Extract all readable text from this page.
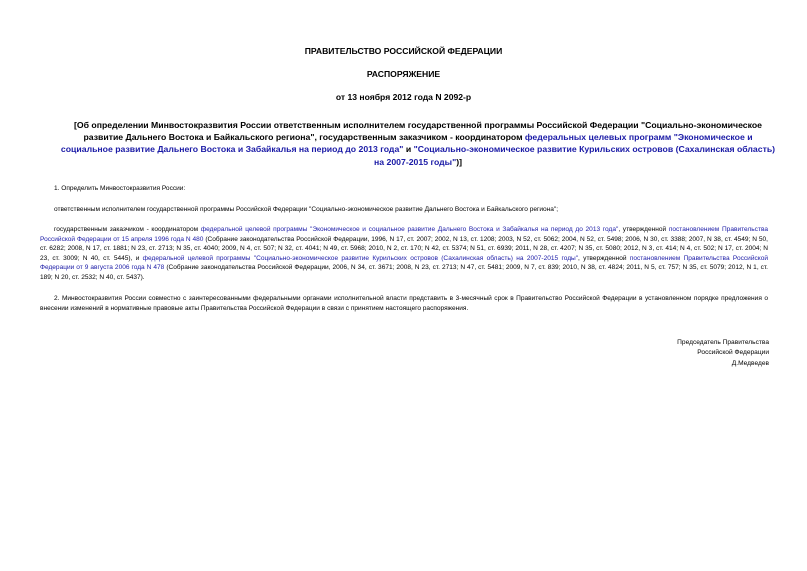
ПРАВИТЕЛЬСТВО РОССИЙСКОЙ ФЕДЕРАЦИИ
РАСПОРЯЖЕНИЕ
от 13 ноября 2012 года N 2092-р
[Об определении Минвостокразвития России ответственным исполнителем государственной программы Российской Федерации "Социально-экономическое развитие Дальнего Востока и Байкальского региона", государственным заказчиком - координатором федеральных целевых программ "Экономическое и социальное развитие Дальнего Востока и Забайкалья на период до 2013 года" и "Социально-экономическое развитие Курильских островов (Сахалинская область) на 2007-2015 годы")]
1. Определить Минвостокразвития России:
ответственным исполнителем государственной программы Российской Федерации "Социально-экономическое развитие Дальнего Востока и Байкальского региона";
государственным заказчиком - координатором федеральной целевой программы "Экономическое и социальное развитие Дальнего Востока и Забайкалья на период до 2013 года", утвержденной постановлением Правительства Российской Федерации от 15 апреля 1996 года N 480 (Собрание законодательства Российской Федерации, 1996, N 17, ст. 2007; 2002, N 13, ст. 1208; 2003, N 52, ст. 5062; 2004, N 52, ст. 5498; 2006, N 30, ст. 3388; 2007, N 38, ст. 4549; N 50, ст. 6282; 2008, N 17, ст. 1881; N 23, ст. 2713; N 35, ст. 4040; 2009, N 4, ст. 507; N 32, ст. 4041; N 49, ст. 5968; 2010, N 2, ст. 170; N 42, ст. 5374; N 51, ст. 6939; 2011, N 28, ст. 4207; N 35, ст. 5080; 2012, N 3, ст. 414; N 4, ст. 502; N 17, ст. 2004; N 23, ст. 3009; N 40, ст. 5445), и федеральной целевой программы "Социально-экономическое развитие Курильских островов (Сахалинская область) на 2007-2015 годы", утвержденной постановлением Правительства Российской Федерации от 9 августа 2006 года N 478 (Собрание законодательства Российской Федерации, 2006, N 34, ст. 3671; 2008, N 23, ст. 2713; N 47, ст. 5481; 2009, N 7, ст. 839; 2010, N 38, ст. 4824; 2011, N 5, ст. 757; N 35, ст. 5079; 2012, N 1, ст. 189; N 20, ст. 2532; N 40, ст. 5437).
2. Минвостокразвития России совместно с заинтересованными федеральными органами исполнительной власти представить в 3-месячный срок в Правительство Российской Федерации в установленном порядке предложения о внесении изменений в нормативные правовые акты Правительства Российской Федерации в связи с принятием настоящего распоряжения.
Председатель Правительства
Российской Федерации
Д.Медведев
